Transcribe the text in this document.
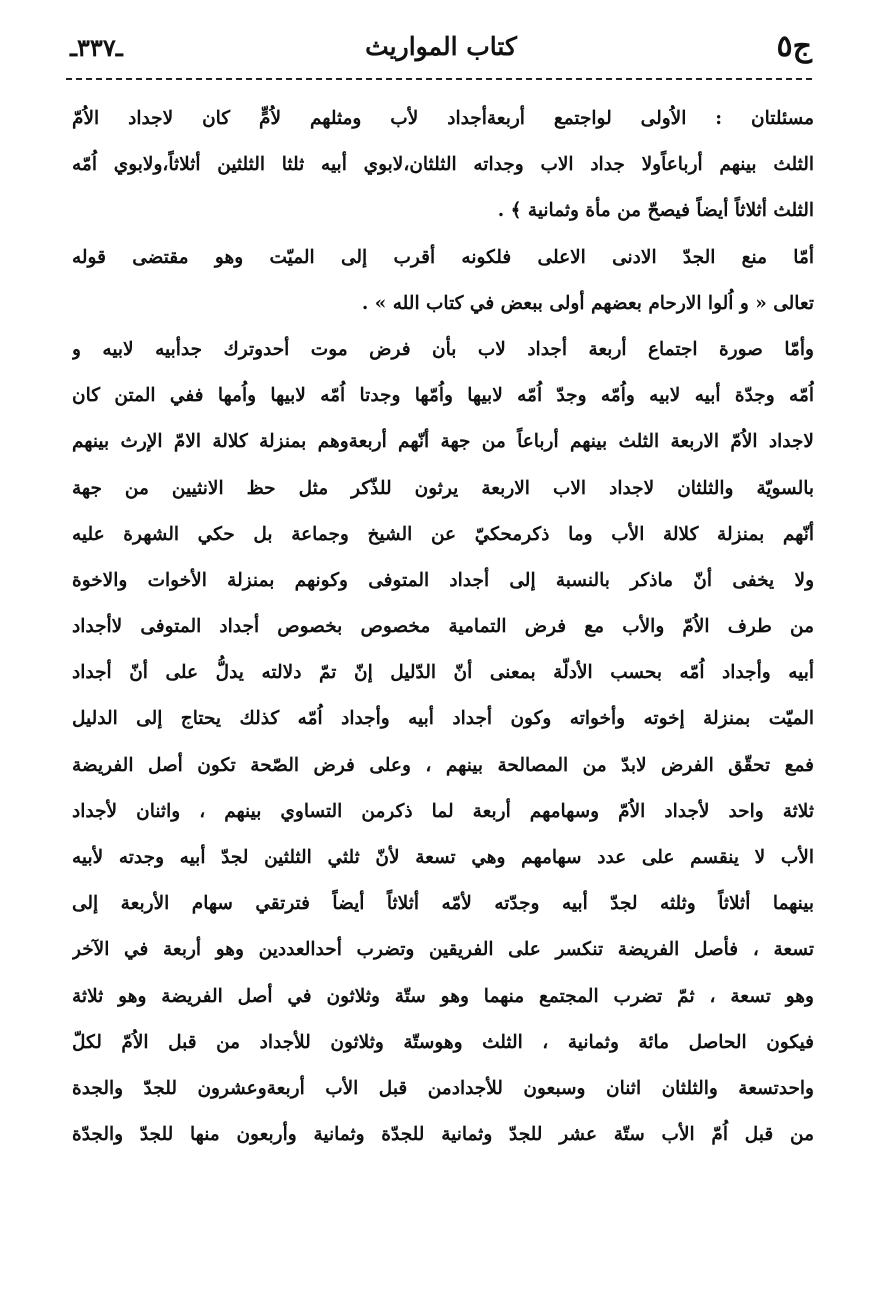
ج٥
كتاب المواريث
ـ٣٣٧ـ
مسئلتان : الاُولى لواجتمع أربعةأجداد لأب ومثلهم لاُمٍّ كان لاجداد الاُمّ
الثلث بينهم أرباعاًولا جداد الاب وجداته الثلثان،لابوي أبيه ثلثا الثلثين أثلاثاً،ولابوي اُمّه
الثلث أثلاثاً أيضاً فيصحّ من مأة وثمانية ﴾ .
أمّا منع الجدّ الادنى الاعلى فلكونه أقرب إلى الميّت وهو مقتضى قوله
تعالى « و اُلوا الارحام بعضهم أولى ببعض في كتاب الله » .
وأمّا صورة اجتماع أربعة أجداد لاب بأن فرض موت أحدوترك جدأبيه لابيه و
اُمّه وجدّة أبيه لابيه واُمّه وجدّ اُمّه لابيها واُمّها وجدتا اُمّه لابيها واُمها ففي المتن كان
لاجداد الاُمّ الاربعة الثلث بينهم أرباعاً من جهة أنّهم أربعةوهم بمنزلة كلالة الامّ الإرث بينهم
بالسويّة والثلثان لاجداد الاب الاربعة يرثون للذّكر مثل حظ الانثيين من جهة
أنّهم بمنزلة كلالة الأب وما ذكرمحكيّ عن الشيخ وجماعة بل حكي الشهرة عليه
ولا يخفى أنّ ماذكر بالنسبة إلى أجداد المتوفى وكونهم بمنزلة الأخوات والاخوة
من طرف الاُمّ والأب مع فرض التمامية مخصوص بخصوص أجداد المتوفى لاأجداد
أبيه وأجداد اُمّه بحسب الأدلّة بمعنى أنّ الدّليل إنّ تمّ دلالته يدلُّ على أنّ أجداد
الميّت بمنزلة إخوته وأخواته وكون أجداد أبيه وأجداد اُمّه كذلك يحتاج إلى الدليل
فمع تحقّق الفرض لابدّ من المصالحة بينهم ، وعلى فرض الصّحة تكون أصل الفريضة
ثلاثة واحد لأجداد الاُمّ وسهامهم أربعة لما ذكرمن التساوي بينهم ، واثنان لأجداد
الأب لا ينقسم على عدد سهامهم وهي تسعة لأنّ ثلثي الثلثين لجدّ أبيه وجدته لأبيه
بينهما أثلاثاً وثلثه لجدّ أبيه وجدّته لأمّه أثلاثاً أيضاً فترتقي سهام الأربعة إلى
تسعة ، فأصل الفريضة تنكسر على الفريقين وتضرب أحدالعددين وهو أربعة في الآخر
وهو تسعة ، ثمّ تضرب المجتمع منهما وهو ستّة وثلاثون في أصل الفريضة وهو ثلاثة
فيكون الحاصل مائة وثمانية ، الثلث وهوستّة وثلاثون للأجداد من قبل الاُمّ لكلّ
واحدتسعة والثلثان اثنان وسبعون للأجدادمن قبل الأب أربعةوعشرون للجدّ والجدة
من قبل اُمّ الأب ستّة عشر للجدّ وثمانية للجدّة وثمانية وأربعون منها للجدّ والجدّة
